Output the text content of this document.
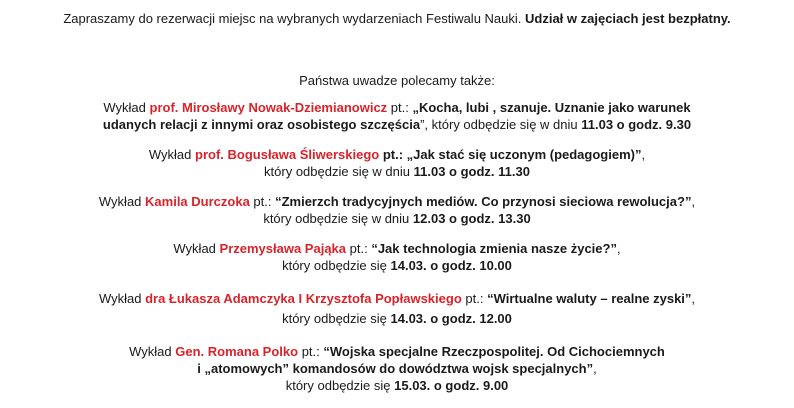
Zapraszamy do rezerwacji miejsc na wybranych wydarzeniach Festiwalu Nauki. Udział w zajęciach jest bezpłatny.
Państwa uwadze polecamy także:
Wykład prof. Mirosławy Nowak-Dziemianowicz pt.: „Kocha, lubi , szanuje. Uznanie jako warunek
udanych relacji z innymi oraz osobistego szczęścia”, który odbędzie się w dniu 11.03 o godz. 9.30
Wykład prof. Bogusława Śliwerskiego pt.: „Jak stać się uczonym (pedagogiem)”,
który odbędzie się w dniu 11.03 o godz. 11.30
Wykład Kamila Durczoka pt.: “Zmierzch tradycyjnych mediów. Co przynosi sieciowa rewolucja?”,
który odbędzie się w dniu 12.03 o godz. 13.30
Wykład Przemysława Pająka pt.: “Jak technologia zmienia nasze życie?”,
który odbędzie się 14.03. o godz. 10.00
Wykład dra Łukasza Adamczyka I Krzysztofa Popławskiego pt.: “Wirtualne waluty – realne zyski”,
który odbędzie się 14.03. o godz. 12.00
Wykład Gen. Romana Polko pt.: “Wojska specjalne Rzeczpospolitej. Od Cichociemnych
i „atomowych” komandosów do dowództwa wojsk specjalnych”,
który odbędzie się 15.03. o godz. 9.00
